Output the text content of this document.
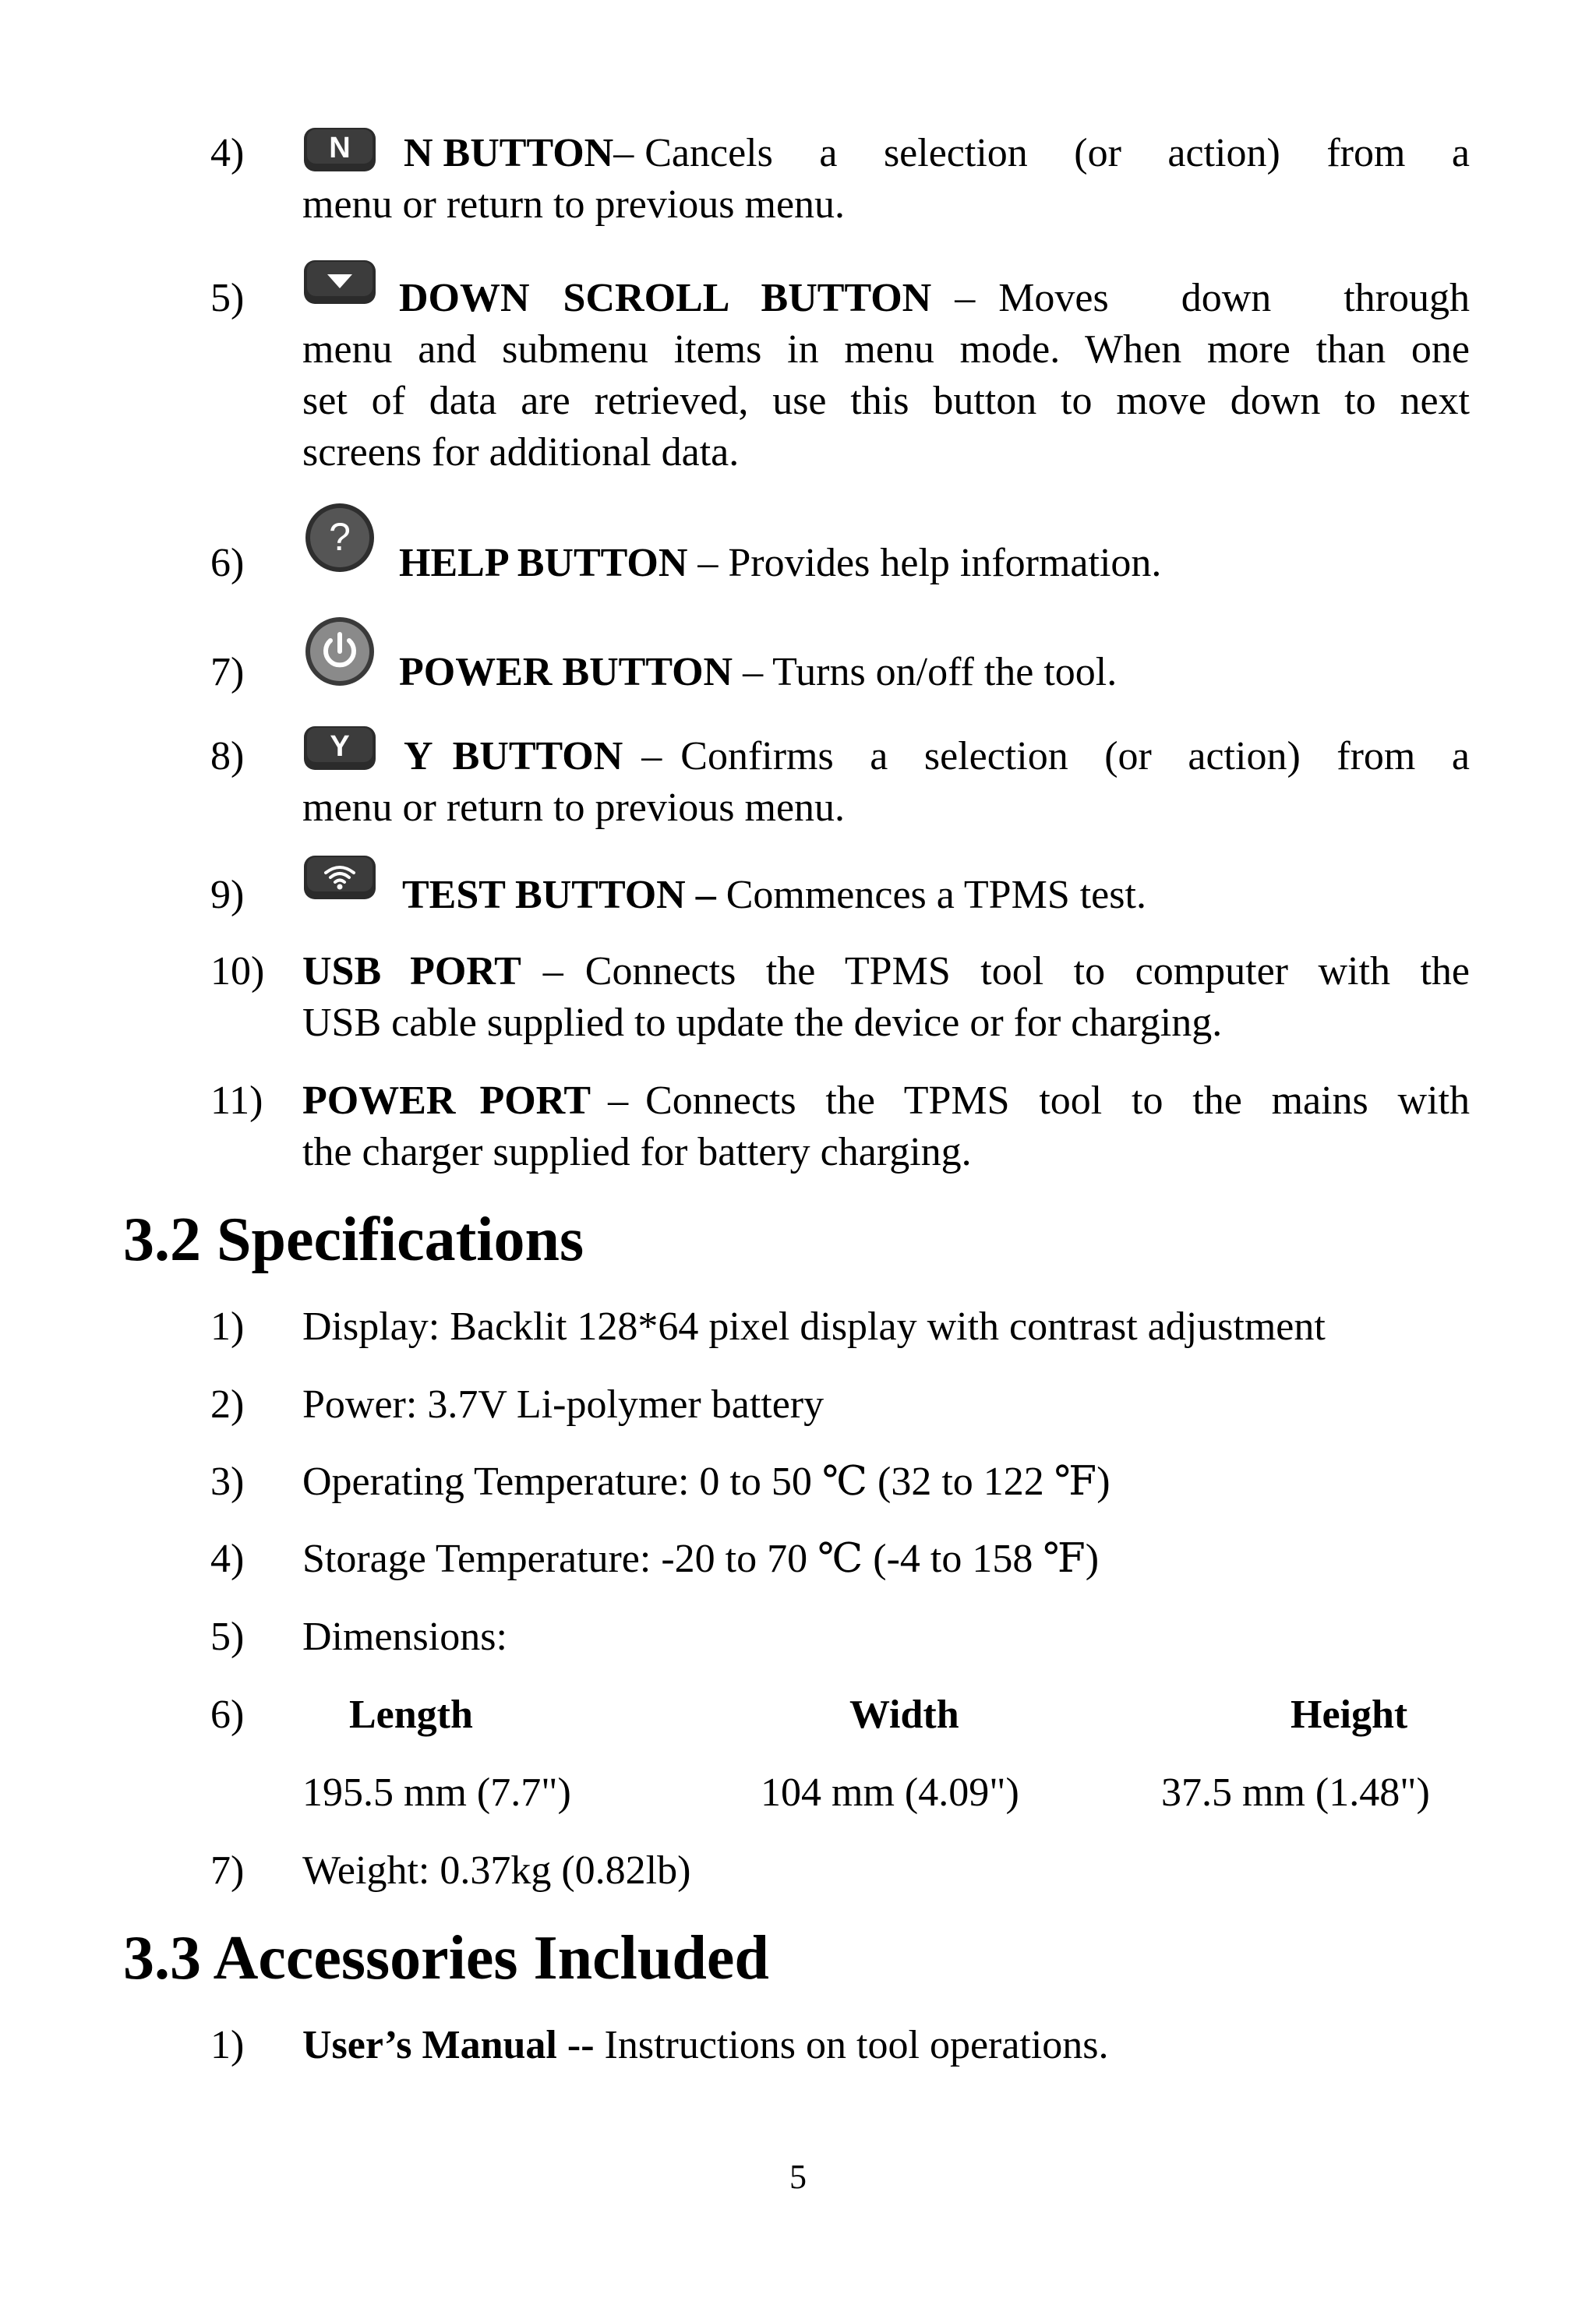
4)	N N BUTTON – Cancels a selection (or action) from a
menu or return to previous menu.
5)	DOWN SCROLL BUTTON – Moves down through
menu and submenu items in menu mode. When more than one
set of data are retrieved, use this button to move down to next
screens for additional data.
6)
?
HELP BUTTON – Provides help information.
7)	POWER BUTTON – Turns on/off the tool.
8)	Y Y BUTTON – Confirms a selection (or action) from a
menu or return to previous menu.
9)	TEST BUTTON – Commences a TPMS test.
10) USB PORT – Connects the TPMS tool to computer with the
USB cable supplied to update the device or for charging.
11) POWER PORT – Connects the TPMS tool to the mains with
the charger supplied for battery charging.
3.2 Specifications
1) Display: Backlit 128*64 pixel display with contrast adjustment
2) Power: 3.7V Li-polymer battery
3) Operating Temperature: 0 to 50 ℃ (32 to 122 ℉)
4) Storage Temperature: -20 to 70 ℃ (-4 to 158 ℉)
5) Dimensions:
6)	Length	Width	Height
195.5 mm (7.7")	104 mm (4.09")	37.5 mm (1.48")
7) Weight: 0.37kg (0.82lb)
3.3 Accessories Included
1) User’s Manual -- Instructions on tool operations.
5
